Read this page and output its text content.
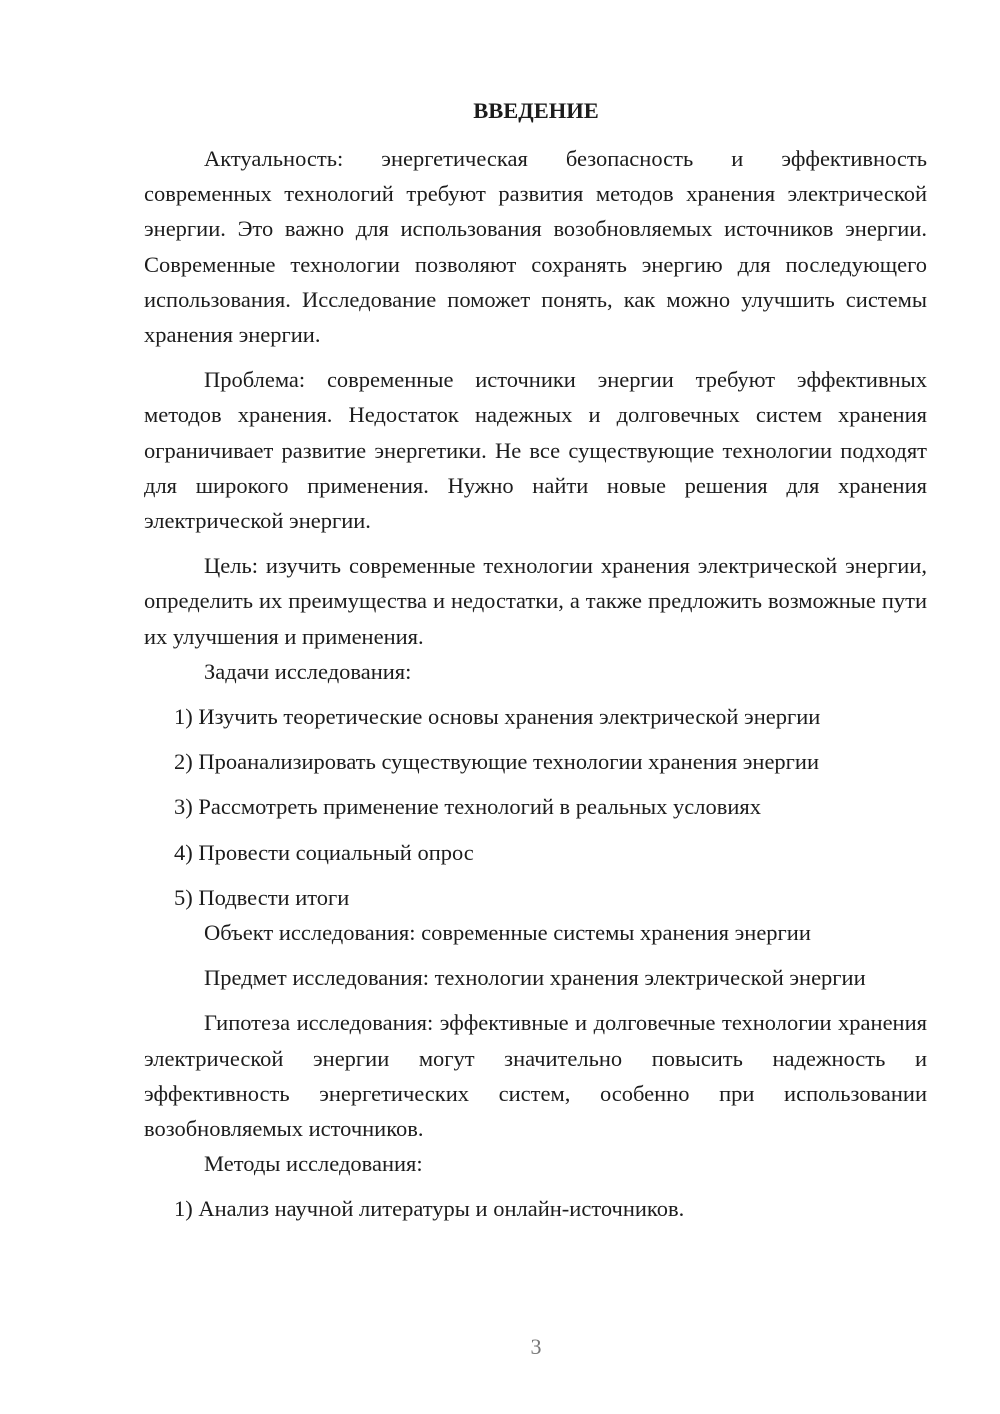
ВВЕДЕНИЕ

Актуальность: энергетическая безопасность и эффективность современных технологий требуют развития методов хранения электрической энергии. Это важно для использования возобновляемых источников энергии. Современные технологии позволяют сохранять энергию для последующего использования. Исследование поможет понять, как можно улучшить системы хранения энергии.

Проблема: современные источники энергии требуют эффективных методов хранения. Недостаток надежных и долговечных систем хранения ограничивает развитие энергетики. Не все существующие технологии подходят для широкого применения. Нужно найти новые решения для хранения электрической энергии.

Цель: изучить современные технологии хранения электрической энергии, определить их преимущества и недостатки, а также предложить возможные пути их улучшения и применения.

Задачи исследования:

1) Изучить теоретические основы хранения электрической энергии

2) Проанализировать существующие технологии хранения энергии

3) Рассмотреть применение технологий в реальных условиях

4) Провести социальный опрос

5) Подвести итоги

Объект исследования: современные системы хранения энергии

Предмет исследования: технологии хранения электрической энергии

Гипотеза исследования: эффективные и долговечные технологии хранения электрической энергии могут значительно повысить надежность и эффективность энергетических систем, особенно при использовании возобновляемых источников.

Методы исследования:

1) Анализ научной литературы и онлайн-источников.

3
